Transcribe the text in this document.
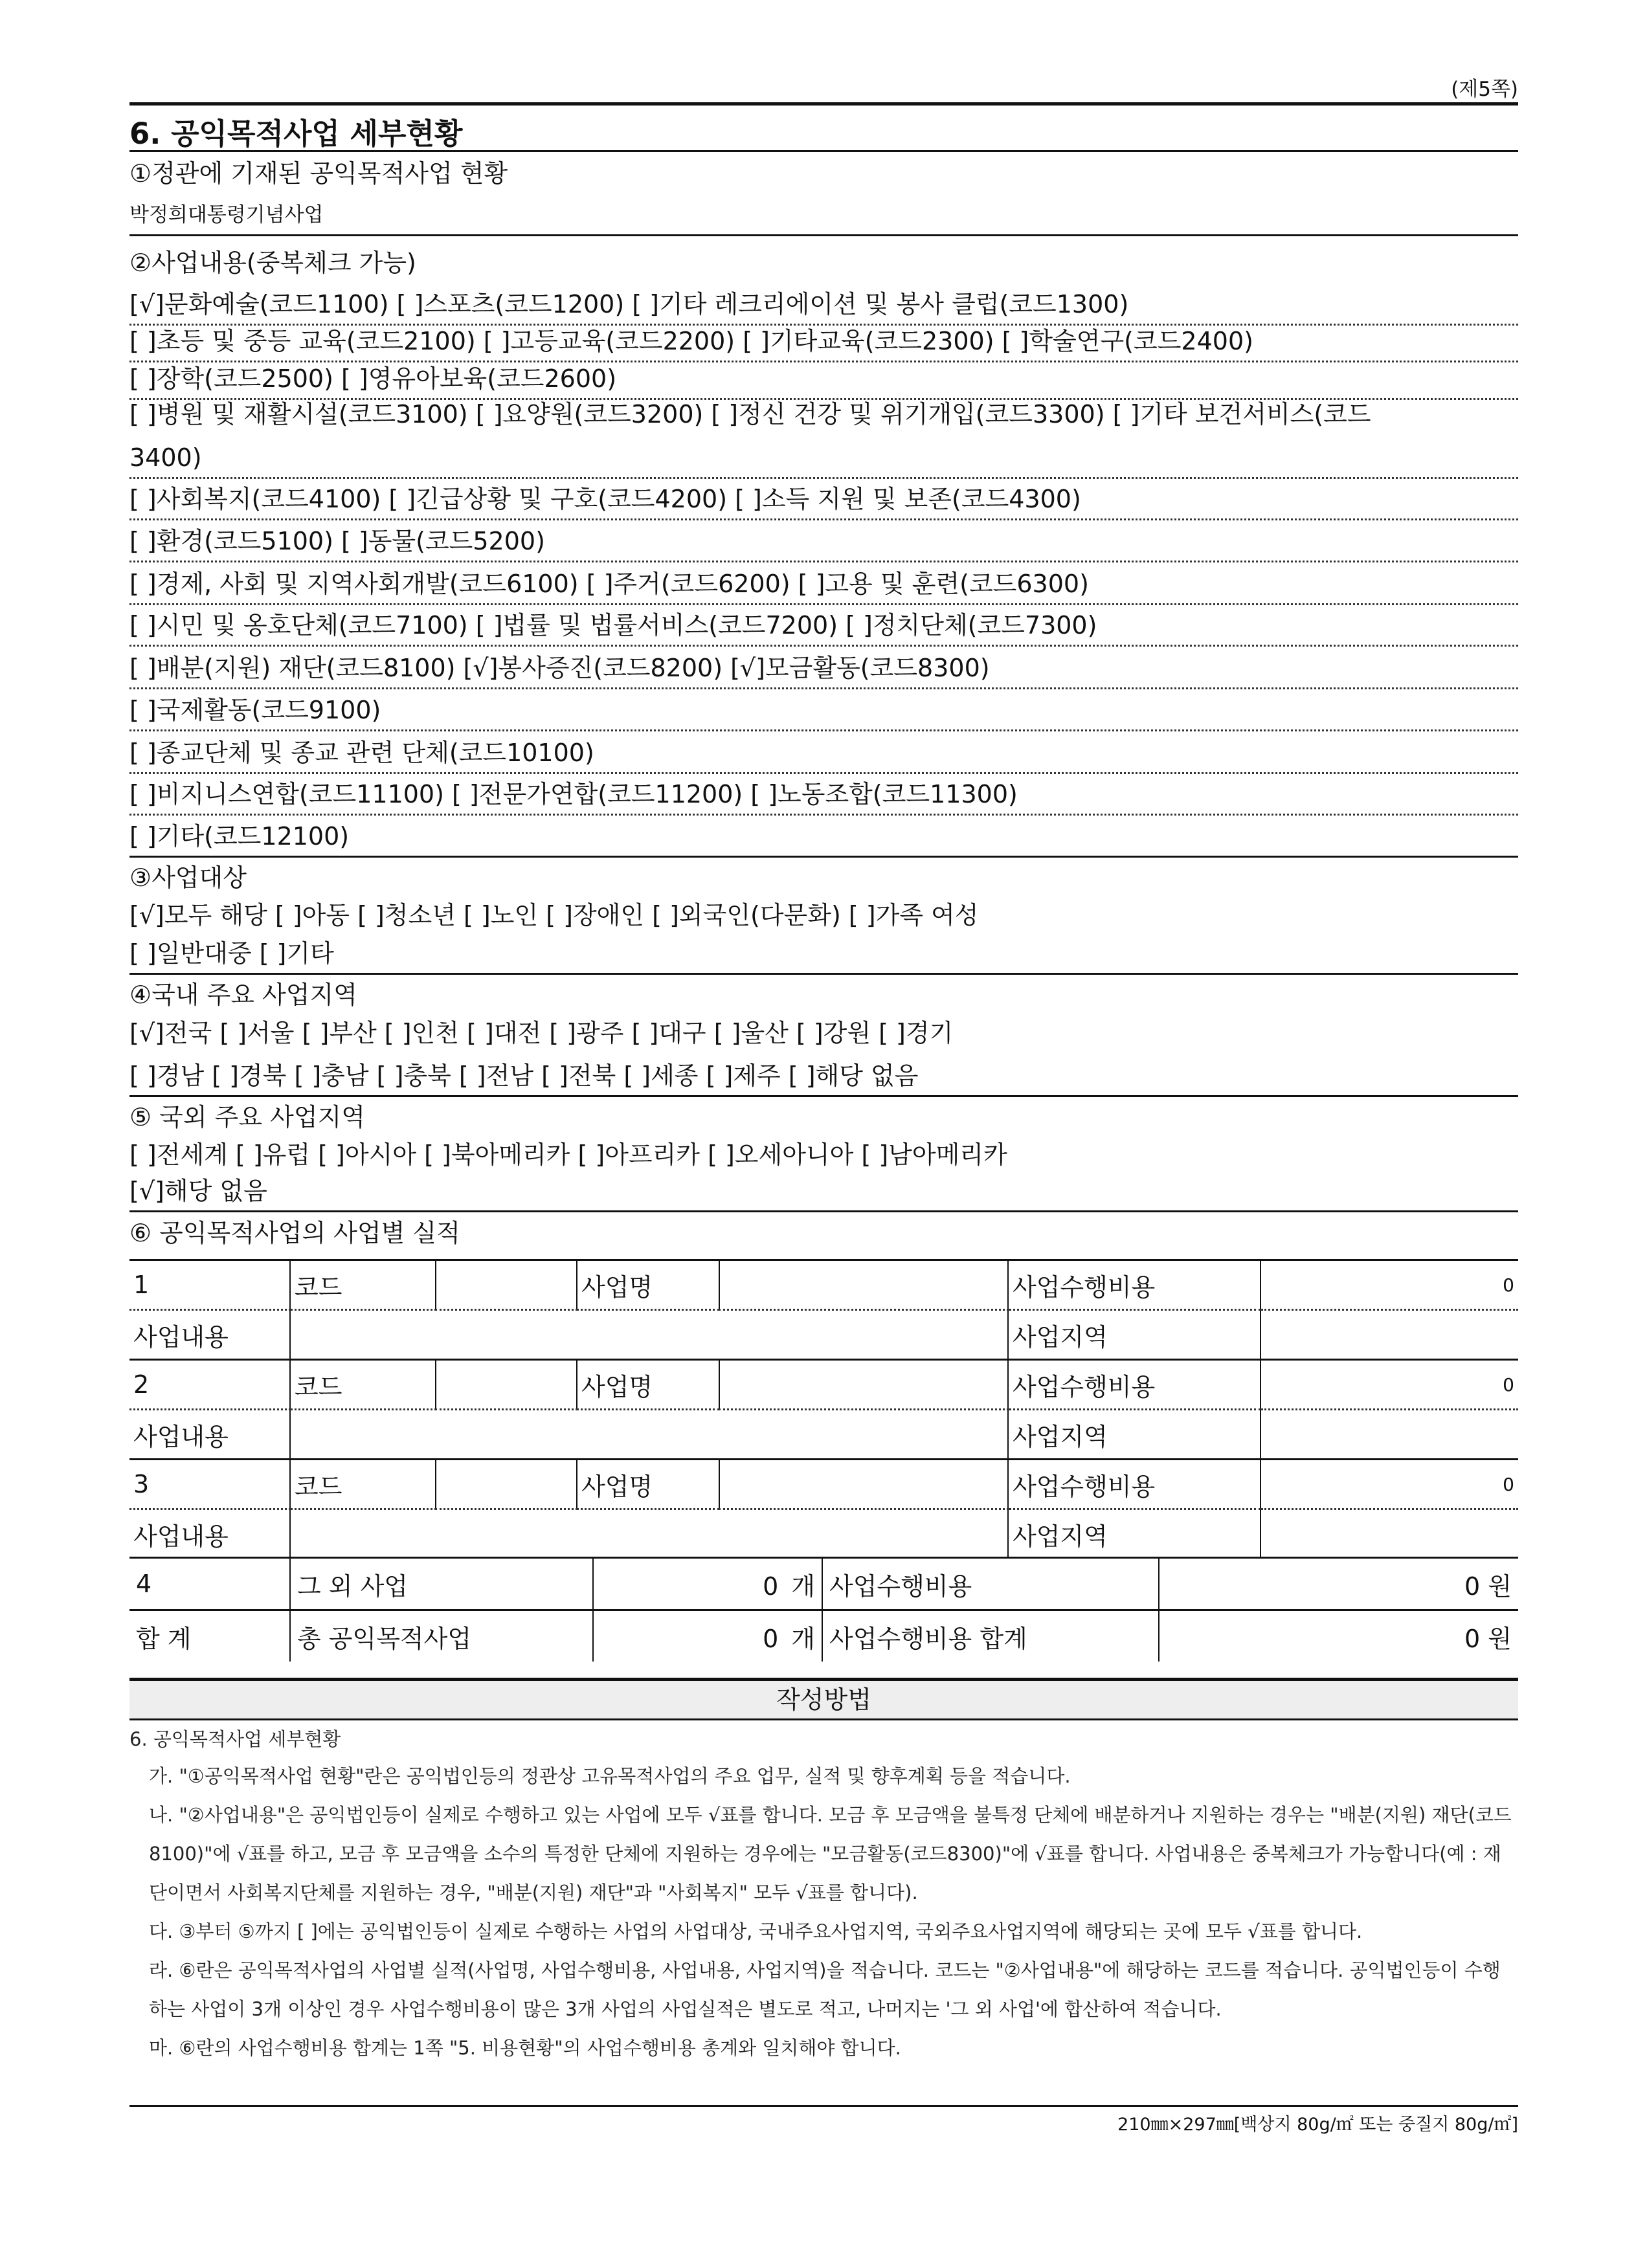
(제5쪽)
6. 공익목적사업 세부현황
①정관에 기재된 공익목적사업 현황
박정희대통령기념사업
②사업내용(중복체크 가능)
[√]문화예술(코드1100) [ ]스포츠(코드1200) [ ]기타 레크리에이션 및 봉사 클럽(코드1300)
[ ]초등 및 중등 교육(코드2100) [ ]고등교육(코드2200) [ ]기타교육(코드2300) [ ]학술연구(코드2400)
[ ]장학(코드2500) [ ]영유아보육(코드2600)
[ ]병원 및 재활시설(코드3100) [ ]요양원(코드3200) [ ]정신 건강 및 위기개입(코드3300) [ ]기타 보건서비스(코드
3400)
[ ]사회복지(코드4100) [ ]긴급상황 및 구호(코드4200) [ ]소득 지원 및 보존(코드4300)
[ ]환경(코드5100) [ ]동물(코드5200)
[ ]경제, 사회 및 지역사회개발(코드6100) [ ]주거(코드6200) [ ]고용 및 훈련(코드6300)
[ ]시민 및 옹호단체(코드7100) [ ]법률 및 법률서비스(코드7200) [ ]정치단체(코드7300)
[ ]배분(지원) 재단(코드8100) [√]봉사증진(코드8200) [√]모금활동(코드8300)
[ ]국제활동(코드9100)
[ ]종교단체 및 종교 관련 단체(코드10100)
[ ]비지니스연합(코드11100) [ ]전문가연합(코드11200) [ ]노동조합(코드11300)
[ ]기타(코드12100)
③사업대상
[√]모두 해당 [ ]아동 [ ]청소년 [ ]노인 [ ]장애인 [ ]외국인(다문화) [ ]가족 여성
[ ]일반대중 [ ]기타
④국내 주요 사업지역
[√]전국 [ ]서울 [ ]부산 [ ]인천 [ ]대전 [ ]광주 [ ]대구 [ ]울산 [ ]강원 [ ]경기
[ ]경남 [ ]경북 [ ]충남 [ ]충북 [ ]전남 [ ]전북 [ ]세종 [ ]제주 [ ]해당 없음
⑤ 국외 주요 사업지역
[ ]전세계 [ ]유럽 [ ]아시아 [ ]북아메리카 [ ]아프리카 [ ]오세아니아 [ ]남아메리카
[√]해당 없음
⑥ 공익목적사업의 사업별 실적
1	코드		사업명		사업수행비용	0
사업내용					사업지역	
2	코드		사업명		사업수행비용	0
사업내용					사업지역	
3	코드		사업명		사업수행비용	0
사업내용					사업지역	
4	그 외 사업	0 개	사업수행비용	0 원
합 계	총 공익목적사업	0 개	사업수행비용 합계	0 원
작성방법

6. 공익목적사업 세부현황

가. "①공익목적사업 현황"란은 공익법인등의 정관상 고유목적사업의 주요 업무, 실적 및 향후계획 등을 적습니다.

나. "②사업내용"은 공익법인등이 실제로 수행하고 있는 사업에 모두 √표를 합니다. 모금 후 모금액을 불특정 단체에 배분하거나 지원하는 경우는 "배분(지원) 재단(코드8100)"에 √표를 하고, 모금 후 모금액을 소수의 특정한 단체에 지원하는 경우에는 "모금활동(코드8300)"에 √표를 합니다. 사업내용은 중복체크가 가능합니다(예 : 재단이면서 사회복지단체를 지원하는 경우, "배분(지원) 재단"과 "사회복지" 모두 √표를 합니다).

다. ③부터 ⑤까지 [ ]에는 공익법인등이 실제로 수행하는 사업의 사업대상, 국내주요사업지역, 국외주요사업지역에 해당되는 곳에 모두 √표를 합니다.

라. ⑥란은 공익목적사업의 사업별 실적(사업명, 사업수행비용, 사업내용, 사업지역)을 적습니다. 코드는 "②사업내용"에 해당하는 코드를 적습니다. 공익법인등이 수행하는 사업이 3개 이상인 경우 사업수행비용이 많은 3개 사업의 사업실적은 별도로 적고, 나머지는 '그 외 사업'에 합산하여 적습니다.

마. ⑥란의 사업수행비용 합계는 1쪽 "5. 비용현황"의 사업수행비용 총계와 일치해야 합니다.

210㎜×297㎜[백상지 80g/㎡ 또는 중질지 80g/㎡]
